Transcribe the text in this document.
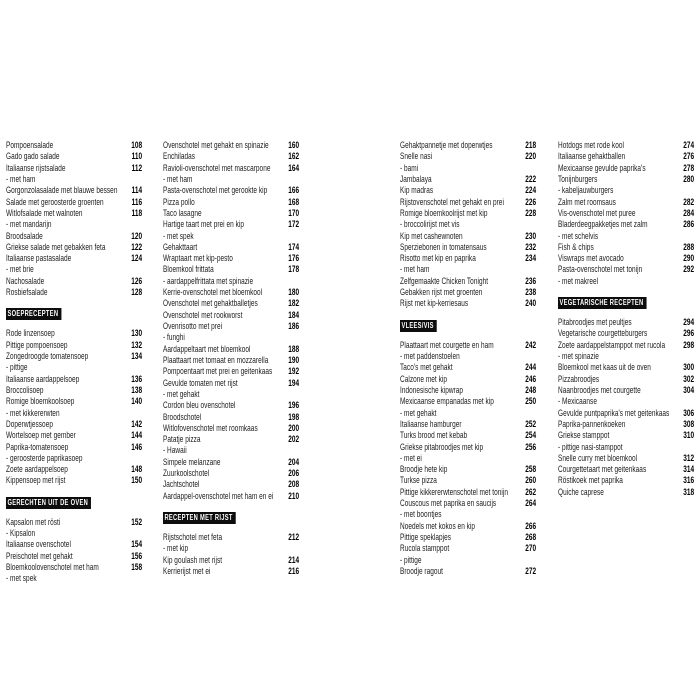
Pompoensalade	108
Gado gado salade	110
Italiaanse rijstsalade	112
- met ham
Gorgonzolasalade met blauwe bessen	114
Salade met geroosterde groenten	116
Witlofsalade met walnoten	118
- met mandarijn
Broodsalade	120
Griekse salade met gebakken feta	122
Italiaanse pastasalade	124
- met brie
Nachosalade	126
Rosbiefsalade	128
SOEPRECEPTEN
Rode linzensoep	130
Pittige pompoensoep	132
Zongedroogde tomatensoep	134
- pittige
Italiaanse aardappelsoep	136
Broccolisoep	138
Romige bloemkoolsoep	140
- met kikkererwten
Doperwtjessoep	142
Wortelsoep met gember	144
Paprika-tomatensoep	146
- geroosterde paprikasoep
Zoete aardappelsoep	148
Kippensoep met rijst	150
GERECHTEN UIT DE OVEN
Kapsalon met rösti	152
- Kipsalon
Italiaanse ovenschotel	154
Preischotel met gehakt	156
Bloemkoolovenschotel met ham	158
- met spek
Ovenschotel met gehakt en spinazie	160
Enchiladas	162
Ravioli-ovenschotel met mascarpone	164
- met ham
Pasta-ovenschotel met gerookte kip	166
Pizza pollo	168
Taco lasagne	170
Hartige taart met prei en kip	172
- met spek
Gehakttaart	174
Wraptaart met kip-pesto	176
Bloemkool frittata	178
- aardappelfrittata met spinazie
Kerrie-ovenschotel met bloemkool	180
Ovenschotel met gehaktballetjes	182
Ovenschotel met rookworst	184
Ovenrisotto met prei	186
- funghi
Aardappeltaart met bloemkool	188
Plaattaart met tomaat en mozzarella	190
Pompoentaart met prei en geitenkaas	192
Gevulde tomaten met rijst	194
- met gehakt
Cordon bleu ovenschotel	196
Broodschotel	198
Witlofovenschotel met roomkaas	200
Patatje pizza	202
- Hawaii
Simpele melanzane	204
Zuurkoolschotel	206
Jachtschotel	208
Aardappel-ovenschotel met ham en ei	210
RECEPTEN MET RIJST
Rijstschotel met feta	212
- met kip
Kip goulash met rijst	214
Kerrierijst met ei	216
Gehaktpannetje met doperwtjes	218
Snelle nasi	220
- bami
Jambalaya	222
Kip madras	224
Rijstovenschotel met gehakt en prei	226
Romige bloemkoolrijst met kip	228
- broccolirijst met vis
Kip met cashewnoten	230
Sperziebonen in tomatensaus	232
Risotto met kip en paprika	234
- met ham
Zelfgemaakte Chicken Tonight	236
Gebakken rijst met groenten	238
Rijst met kip-kerriesaus	240
VLEES/VIS
Plaattaart met courgette en ham	242
- met paddenstoelen
Taco's met gehakt	244
Calzone met kip	246
Indonesische kipwrap	248
Mexicaanse empanadas met kip	250
- met gehakt
Italiaanse hamburger	252
Turks brood met kebab	254
Griekse pitabroodjes met kip	256
- met ei
Broodje hete kip	258
Turkse pizza	260
Pittige kikkererwtenschotel met tonijn	262
Couscous met paprika en saucijs	264
- met boontjes
Noedels met kokos en kip	266
Pittige speklapjes	268
Rucola stamppot	270
- pittige
Broodje ragout	272
Hotdogs met rode kool	274
Italiaanse gehaktballen	276
Mexicaanse gevulde paprika's	278
Tonijnburgers	280
- kabeljauwburgers
Zalm met roomsaus	282
Vis-ovenschotel met puree	284
Bladerdeegpakketjes met zalm	286
- met schelvis
Fish & chips	288
Viswraps met avocado	290
Pasta-ovenschotel met tonijn	292
- met makreel
VEGETARISCHE RECEPTEN
Pitabroodjes met peultjes	294
Vegetarische courgetteburgers	296
Zoete aardappelstamppot met rucola	298
- met spinazie
Bloemkool met kaas uit de oven	300
Pizzabroodjes	302
Naanbroodjes met courgette	304
- Mexicaanse
Gevulde puntpaprika's met geitenkaas	306
Paprika-pannenkoeken	308
Griekse stamppot	310
- pittige nasi-stamppot
Snelle curry met bloemkool	312
Courgettetaart met geitenkaas	314
Röstikoek met paprika	316
Quiche caprese	318
